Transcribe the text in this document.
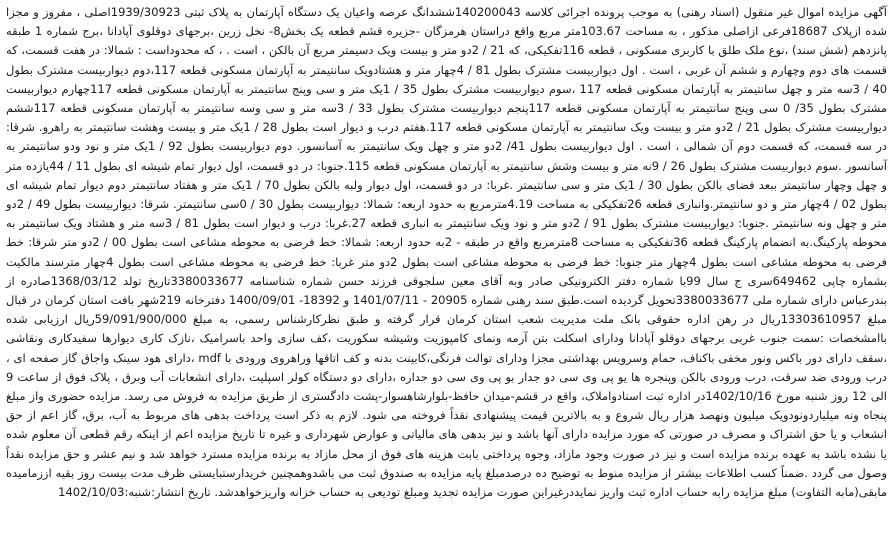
آگهی مزایده اموال غیر منقول (اسناد رهنی) به موجب پرونده اجرائی کلاسه 140200043ششدانگ عرصه واعیان یک دستگاه آپارتمان به پلاک ثبتی 1939/30923اصلی ، مفروز و مجزا شده ازپلاک 18687فرعی ازاصلی مذکور ، به مساحت 103.67متر مربع واقع دراستان هرمزگان -جزیره قشم قطعه یک بخش8- نخل زرین ،برجهای دوقلوی آپادانا ،برج شماره 1 طبقه پانزدهم (شش سند) ،نوع ملک طلق با کاربری مسکونی ، قطعه 116تفکیکی، که 21 / 2دو متر و بیست ویک دسیمتر مربع آن بالکن ، است . ، که محدوداست : شمالا: در هفت قسمت، که قسمت های دوم وچهارم و ششم آن غربی ، است . اول دیواربیست مشترک بطول 81 / 4چهار متر و هشتادویک سانتیمتر به آپارتمان مسکونی قطعه 117،دوم دیواربیست مشترک بطول 40 / 3سه متر و چهل سانتیمتر به آپارتمان مسکونی قطعه 117 ،سوم دیواربیست مشترک بطول 35 / 1یک متر و سی وپنج سانتیمتر به آپارتمان مسکونی قطعه 117چهارم دیواربیست مشترک بطول 35/ 0 سی وپنج سانتیمتر به آپارتمان مسکونی قطعه 117پنجم دیواربیست مشترک بطول 33 / 3سه متر و سی وسه سانتیمتر به آپارتمان مسکونی قطعه 117ششم دیواربیست مشترک بطول 21 / 2دو متر و بیست ویک سانتیمتر به آپارتمان مسکونی قطعه 117.هفتم درب و دیوار است بطول 28 / 1یک متر و بیست وهشت سانتیمتر به راهرو. شرقا: در سه قسمت، که قسمت دوم آن شمالی ، است . اول دیواربیست بطول 41/ 2دو متر و چهل ویک سانتیمتر به آسانسور. دوم دیواربیست بطول 92 / 1یک متر و نود ودو سانتیمتر به آسانسور .سوم دیواربیست مشترک بطول 26 / 9نه متر و بیست وشش سانتیمتر به آپارتمان مسکونی قطعه 115.جنوبا: در دو قسمت، اول دیوار تمام شیشه ای بطول 11 / 44یازده متر و چهل وچهار سانتیمتر ببعد فضای بالکن بطول 30 / 1یک متر و سی سانتیمتر .غربا: در دو قسمت، اول دیوار ولبه بالکن بطول 70 / 1یک متر و هفتاد سانتیمتر دوم دیوار تمام شیشه ای بطول 02 / 4چهار متر و دو سانتیمتر.وانباری قطعه 26تفکیکی به مساحت 4.19مترمربع به حدود اربعه: شمالا: دیواربیست بطول 30 / 0سی سانتیمتر. شرقا: دیواربیست بطول 49 / 2دو متر و چهل ونه سانتیمتر .جنوبا: دیواربیست مشترک بطول 91 / 2دو متر و نود ویک سانتیمتر به انباری قطعه 27.غربا: درب و دیوار است بطول 81 / 3سه متر و هشتاد ویک سانتیمتر به محوطه پارکینگ.به انضمام پارکینگ قطعه 36تفکیکی به مساحت 8مترمربع واقع در طبقه - 2به حدود اربعه: شمالا: خط فرضی به محوطه مشاعی است بطول 00 / 2دو متر شرقا: خط فرضی به محوطه مشاعی است بطول 4چهار متر جنوبا: خط فرضی به محوطه مشاعی است بطول 2دو متر غربا: خط فرضی به محوطه مشاعی است بطول 4چهار مترسند مالکیت بشماره چاپی 649462سری ج سال 99با شماره دفتر الکترونیکی صادر وبه آقای معین سلجوقی فرزند حسن شماره شناسنامه 3380033677تاریخ تولد 1368/03/12صادره از بندرعباس دارای شماره ملی 3380033677تحویل گردیده است.طبق سند رهنی شماره 20905 - 1401/07/11 و 18392- 1400/09/01 دفترخانه 219شهر بافت استان کرمان در قبال مبلغ 13303610957ریال در رهن اداره حقوقی بانک ملت مدیریت شعب استان کرمان قرار گرفته و طبق نظرکارشناس رسمی، به مبلغ 59/091/900/000ریال ارزیابی شده باامشخصات :سمت جنوب غربی برجهای دوقلو آپادانا ودارای اسکلت بتن آرمه ونمای کامپوزیت وشیشه سکوریت ،کف سازی واحد باسرامیک ،نازک کاری دیوارها سفیدکاری ونقاشی ،سقف دارای دور باکس ونور مخفی باکناف، حمام وسرویس بهداشتی مجزا ودارای توالت فرنگی،کابینت بدنه و کف اتاقها وراهروی ورودی با mdf ،دارای هود سینک واجاق گاز صفحه ای ، درب ورودی ضد سرقت، درب ورودی بالکن وپنجره ها یو پی وی سی دو جدار بو پی وی سی دو جداره ،دارای دو دستگاه کولر اسپلیت ،دارای انشعابات آب وبرق ، پلاک فوق از ساعت 9 الی 12 روز شنبه مورخ 1402/10/16در اداره ثبت اسنادواملاک، واقع در قشم-میدان حافظ-بلوارشاهسوار-پشت دادگستری از طریق مزایده به فروش می رسد. مزایده حضوری واز مبلغ پنجاه ونه میلیاردونودویک میلیون ونهصد هزار ریال شروع و به بالاترین قیمت پیشنهادی نقداً فروخته می شود. لازم به ذکر است پرداخت بدهی های مربوط به آب، برق، گاز اعم از حق انشعاب و یا حق اشتراک و مصرف در صورتی که مورد مزایده دارای آنها باشد و نیز بدهی های مالیاتی و عوارض شهرداری و غیره تا تاریخ مزایده اعم از اینکه رقم قطعی آن معلوم شده یا نشده باشد به عهده برنده مزایده است و نیز در صورت وجود مازاد، وجوه پرداختی بابت هزینه های فوق از محل مازاد به برنده مزایده مسترد خواهد شد و نیم عشر و حق مزایده نقداً وصول می گردد .ضمناً کسب اطلاعات بیشتر از مزایده منوط به توضیح ده درصدمبلغ پایه مزایده به صندوق ثبت می باشدوهمچنین خریدارستبایستی ظرف مدت بیست روز بقیه اززمامیده مابقی(مابه التفاوت) مبلغ مزایده رابه حساب اداره ثبت واریز نمایددرغیراین صورت مزایده تجدید ومبلغ تودیعی به حساب خزانه واریزخواهدشد. تاریخ انتشار:شنبه:1402/10/03
